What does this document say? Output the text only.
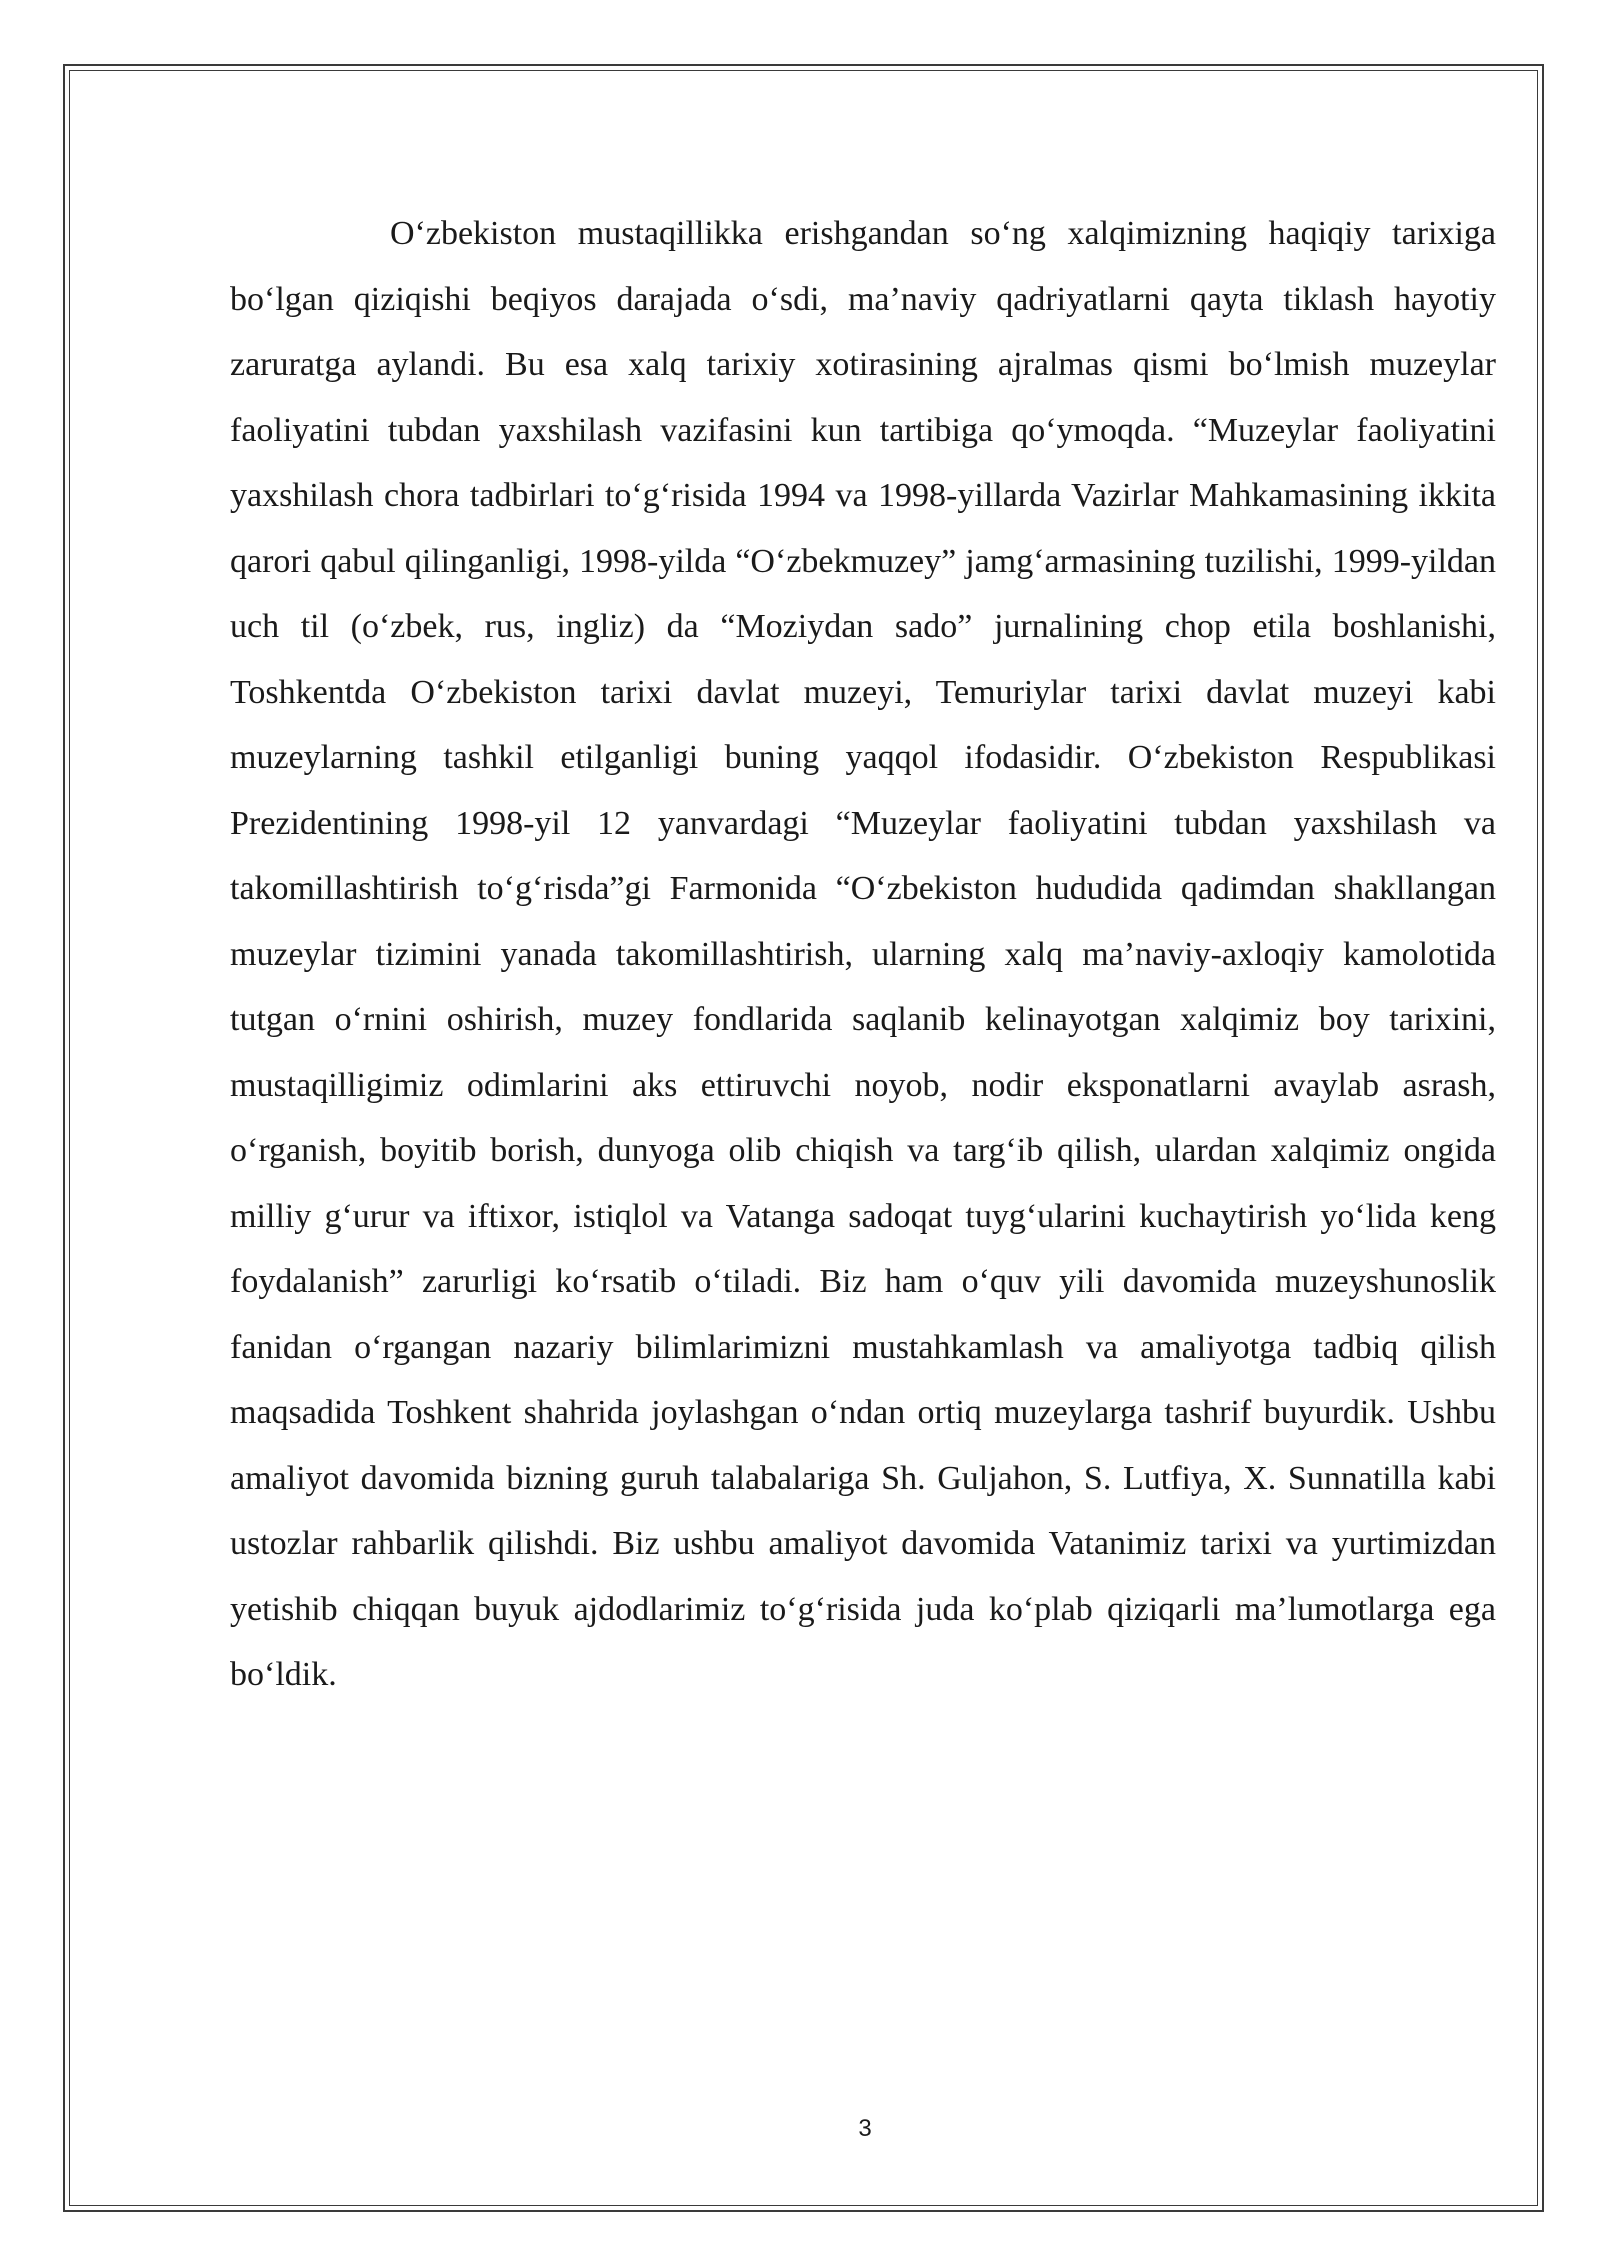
O‘zbekiston mustaqillikka erishgandan so‘ng xalqimizning haqiqiy tarixiga bo‘lgan qiziqishi beqiyos darajada o‘sdi, ma’naviy qadriyatlarni qayta tiklash hayotiy zaruratga aylandi. Bu esa xalq tarixiy xotirasining ajralmas qismi bo‘lmish muzeylar faoliyatini tubdan yaxshilash vazifasini kun tartibiga qo‘ymoqda. “Muzeylar faoliyatini yaxshilash chora tadbirlari to‘g‘risida 1994 va 1998-yillarda Vazirlar Mahkamasining ikkita qarori qabul qilinganligi, 1998-yilda “O‘zbekmuzey” jamg‘armasining tuzilishi, 1999-yildan uch til (o‘zbek, rus, ingliz) da “Moziydan sado” jurnalining chop etila boshlanishi, Toshkentda O‘zbekiston tarixi davlat muzeyi, Temuriylar tarixi davlat muzeyi kabi muzeylarning tashkil etilganligi buning yaqqol ifodasidir. O‘zbekiston Respublikasi Prezidentining 1998-yil 12 yanvardagi “Muzeylar faoliyatini tubdan yaxshilash va takomillashtirish to‘g‘risda”gi Farmonida “O‘zbekiston hududida qadimdan shakllangan muzeylar tizimini yanada takomillashtirish, ularning xalq ma’naviy-axloqiy kamolotida tutgan o‘rnini oshirish, muzey fondlarida saqlanib kelinayotgan xalqimiz boy tarixini, mustaqilligimiz odimlarini aks ettiruvchi noyob, nodir eksponatlarni avaylab asrash, o‘rganish, boyitib borish, dunyoga olib chiqish va targ‘ib qilish, ulardan xalqimiz ongida milliy g‘urur va iftixor, istiqlol va Vatanga sadoqat tuyg‘ularini kuchaytirish yo‘lida keng foydalanish” zarurligi ko‘rsatib o‘tiladi. Biz ham o‘quv yili davomida muzeyshunoslik fanidan o‘rgangan nazariy bilimlarimizni mustahkamlash va amaliyotga tadbiq qilish maqsadida Toshkent shahrida joylashgan o‘ndan ortiq muzeylarga tashrif buyurdik. Ushbu amaliyot davomida bizning guruh talabalariga Sh. Guljahon, S. Lutfiya, X. Sunnatilla kabi ustozlar rahbarlik qilishdi. Biz ushbu amaliyot davomida Vatanimiz tarixi va yurtimizdan yetishib chiqqan buyuk ajdodlarimiz to‘g‘risida juda ko‘plab qiziqarli ma’lumotlarga ega bo‘ldik.

3
